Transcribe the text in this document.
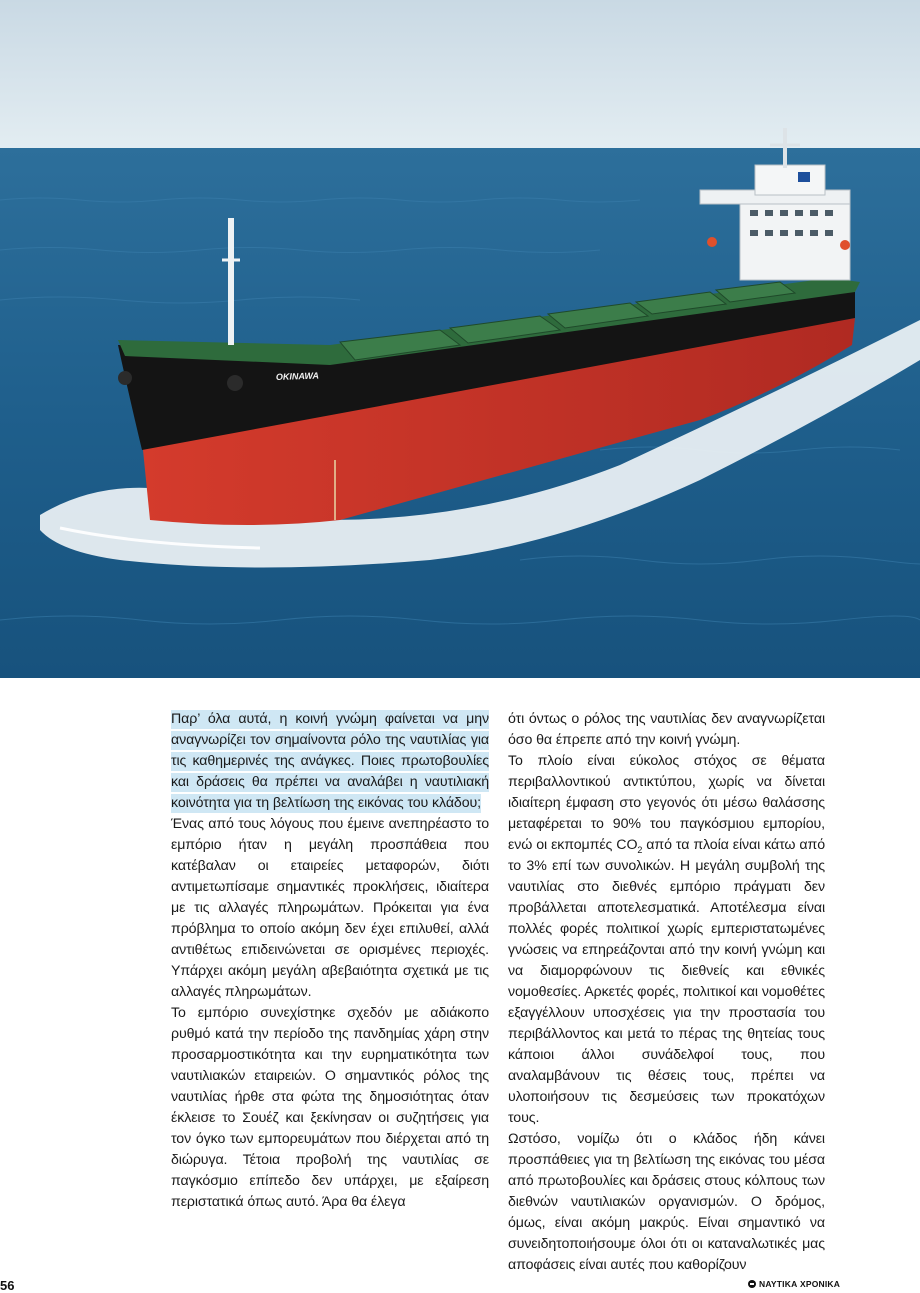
OKINAWA

Παρ’ όλα αυτά, η κοινή γνώμη φαίνεται να μην αναγνωρίζει τον σημαίνοντα ρόλο της ναυτιλίας για τις καθημερινές της ανάγκες. Ποιες πρωτοβουλίες και δράσεις θα πρέπει να αναλάβει η ναυτιλιακή κοινότητα για τη βελτίωση της εικόνας του κλάδου;

Ένας από τους λόγους που έμεινε ανεπηρέαστο το εμπόριο ήταν η μεγάλη προσπάθεια που κατέβαλαν οι εταιρείες μεταφορών, διότι αντιμετωπίσαμε σημαντικές προκλήσεις, ιδιαίτερα με τις αλλαγές πληρωμάτων. Πρόκειται για ένα πρόβλημα το οποίο ακόμη δεν έχει επιλυθεί, αλλά αντιθέτως επιδεινώνεται σε ορισμένες περιοχές. Υπάρχει ακόμη μεγάλη αβεβαιότητα σχετικά με τις αλλαγές πληρωμάτων.

Το εμπόριο συνεχίστηκε σχεδόν με αδιάκοπο ρυθμό κατά την περίοδο της πανδημίας χάρη στην προσαρμοστικότητα και την ευρηματικότητα των ναυτιλιακών εταιρειών. Ο σημαντικός ρόλος της ναυτιλίας ήρθε στα φώτα της δημοσιότητας όταν έκλεισε το Σουέζ και ξεκίνησαν οι συζητήσεις για τον όγκο των εμπορευμάτων που διέρχεται από τη διώρυγα. Τέτοια προβολή της ναυτιλίας σε παγκόσμιο επίπεδο δεν υπάρχει, με εξαίρεση περιστατικά όπως αυτό. Άρα θα έλεγα

ότι όντως ο ρόλος της ναυτιλίας δεν αναγνωρίζεται όσο θα έπρεπε από την κοινή γνώμη.

Το πλοίο είναι εύκολος στόχος σε θέματα περιβαλλοντικού αντικτύπου, χωρίς να δίνεται ιδιαίτερη έμφαση στο γεγονός ότι μέσω θαλάσσης μεταφέρεται το 90% του παγκόσμιου εμπορίου, ενώ οι εκπομπές $CO_2$ από τα πλοία είναι κάτω από το 3% επί των συνολικών. Η μεγάλη συμβολή της ναυτιλίας στο διεθνές εμπόριο πράγματι δεν προβάλλεται αποτελεσματικά. Αποτέλεσμα είναι πολλές φορές πολιτικοί χωρίς εμπεριστατωμένες γνώσεις να επηρεάζονται από την κοινή γνώμη και να διαμορφώνουν τις διεθνείς και εθνικές νομοθεσίες. Αρκετές φορές, πολιτικοί και νομοθέτες εξαγγέλλουν υποσχέσεις για την προστασία του περιβάλλοντος και μετά το πέρας της θητείας τους κάποιοι άλλοι συνάδελφοί τους, που αναλαμβάνουν τις θέσεις τους, πρέπει να υλοποιήσουν τις δεσμεύσεις των προκατόχων τους.

Ωστόσο, νομίζω ότι ο κλάδος ήδη κάνει προσπάθειες για τη βελτίωση της εικόνας του μέσα από πρωτοβουλίες και δράσεις στους κόλπους των διεθνών ναυτιλιακών οργανισμών. Ο δρόμος, όμως, είναι ακόμη μακρύς. Είναι σημαντικό να συνειδητοποιήσουμε όλοι ότι οι καταναλωτικές μας αποφάσεις είναι αυτές που καθορίζουν

56	ΝΑΥΤΙΚΑ ΧΡΟΝΙΚΑ
